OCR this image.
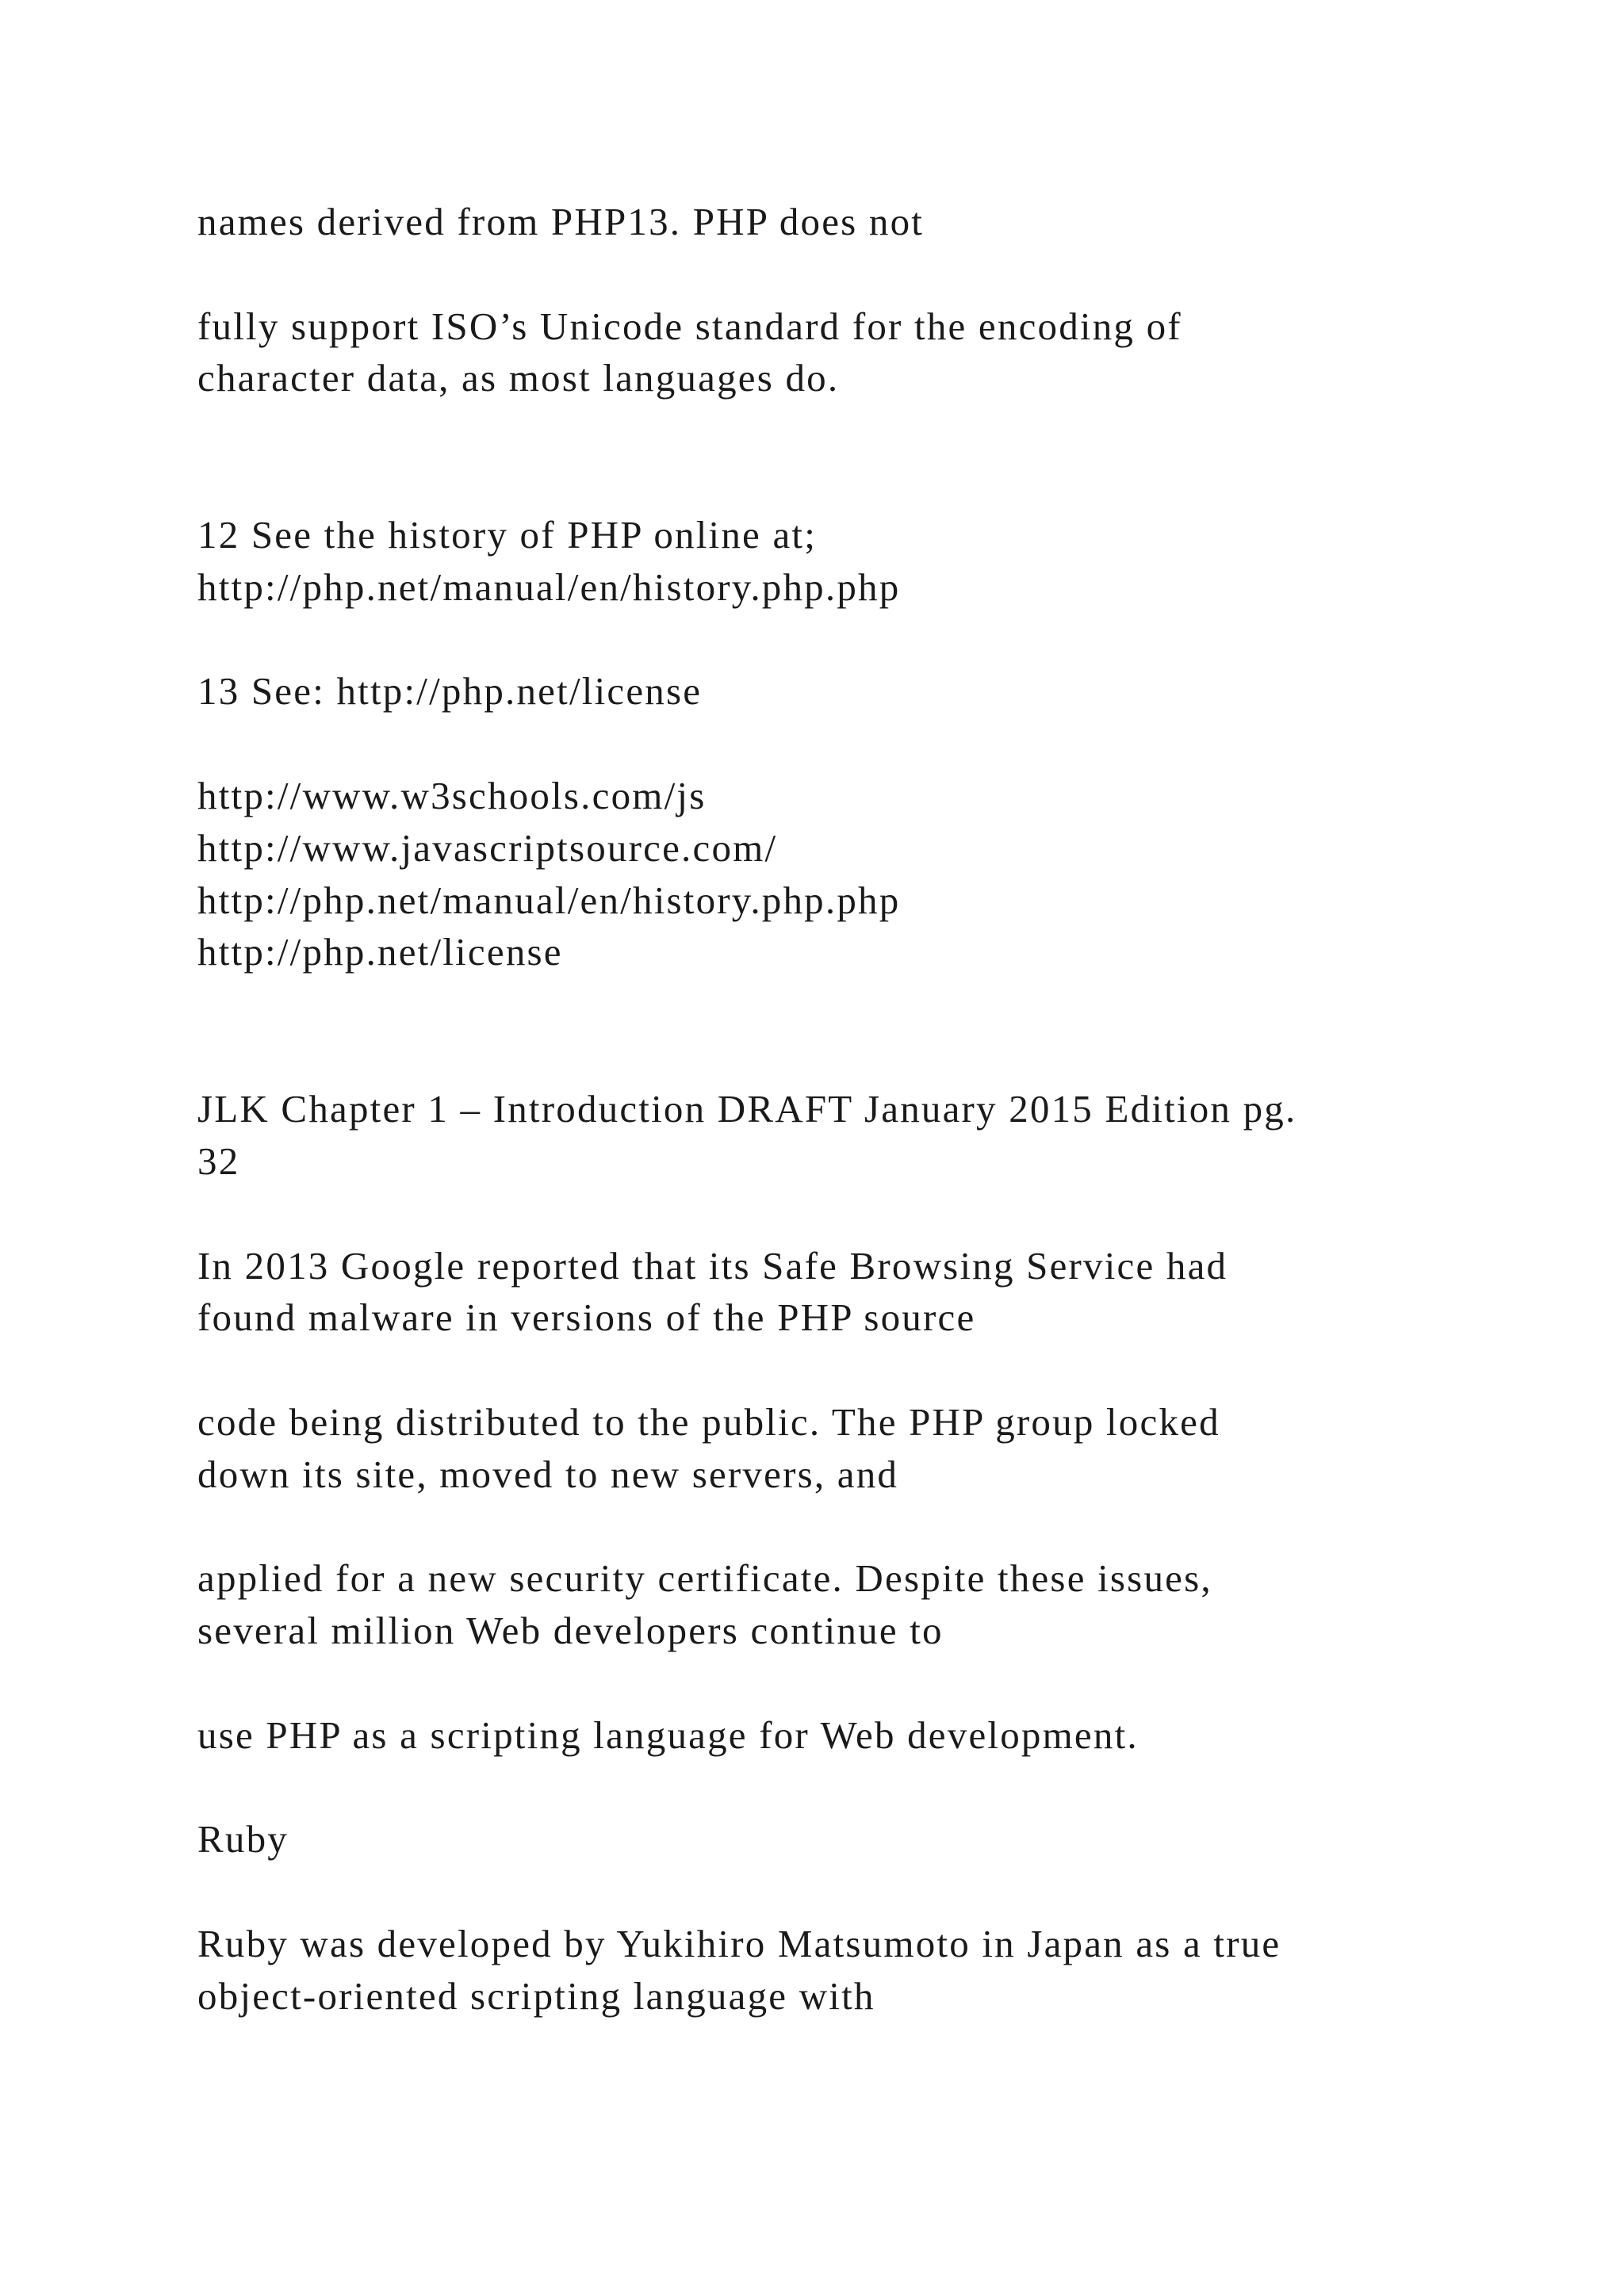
names derived from PHP13. PHP does not
fully support ISO’s Unicode standard for the encoding of
character data, as most languages do.
12 See the history of PHP online at;
http://php.net/manual/en/history.php.php
13 See: http://php.net/license
http://www.w3schools.com/js
http://www.javascriptsource.com/
http://php.net/manual/en/history.php.php
http://php.net/license
JLK Chapter 1 – Introduction DRAFT January 2015 Edition pg.
32
In 2013 Google reported that its Safe Browsing Service had
found malware in versions of the PHP source
code being distributed to the public. The PHP group locked
down its site, moved to new servers, and
applied for a new security certificate. Despite these issues,
several million Web developers continue to
use PHP as a scripting language for Web development.
Ruby
Ruby was developed by Yukihiro Matsumoto in Japan as a true
object-oriented scripting language with
